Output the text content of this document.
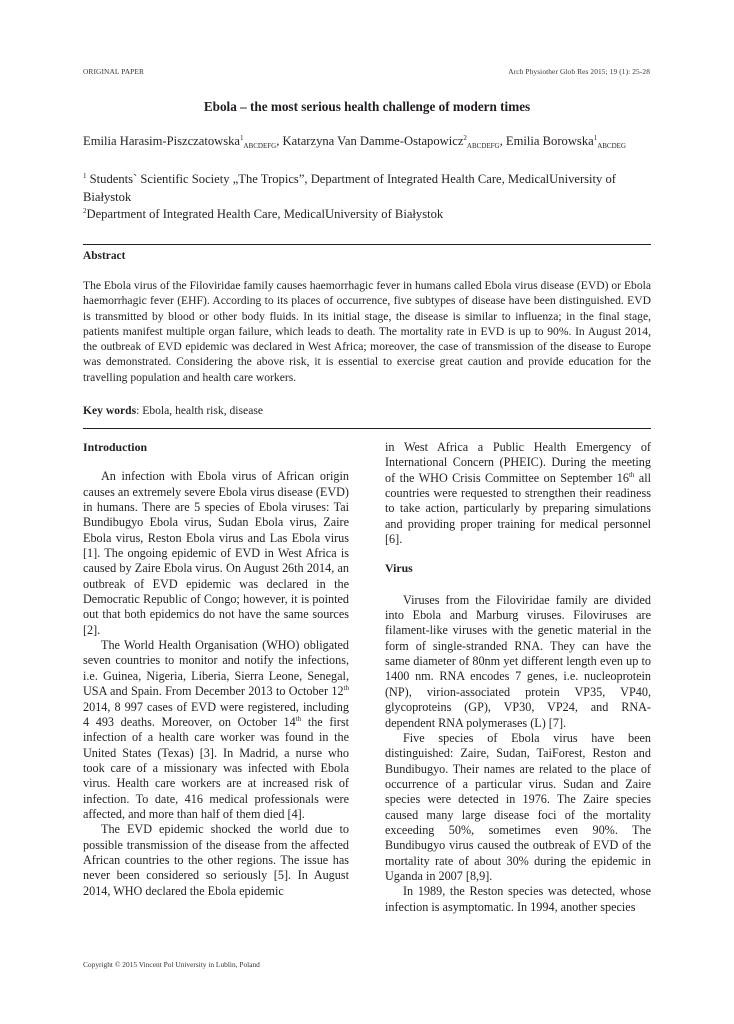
ORIGINAL PAPER	Arch Physiother Glob Res 2015; 19 (1): 25-28
Ebola – the most serious health challenge of modern times
Emilia Harasim-Piszczatowska$^1_{ABCDEFG}$, Katarzyna Van Damme-Ostapowicz$^2_{ABCDEFG}$, Emilia Borowska$^1_{ABCDEG}$
$^1$ Students` Scientific Society „The Tropics”, Department of Integrated Health Care, MedicalUniversity of Białystok
$^2$Department of Integrated Health Care, MedicalUniversity of Białystok
Abstract
The Ebola virus of the Filoviridae family causes haemorrhagic fever in humans called Ebola virus disease (EVD) or Ebola haemorrhagic fever (EHF). According to its places of occurrence, five subtypes of disease have been distinguished. EVD is transmitted by blood or other body fluids. In its initial stage, the disease is similar to influenza; in the final stage, patients manifest multiple organ failure, which leads to death. The mortality rate in EVD is up to 90%. In August 2014, the outbreak of EVD epidemic was declared in West Africa; moreover, the case of transmission of the disease to Europe was demonstrated. Considering the above risk, it is essential to exercise great caution and provide education for the travelling population and health care workers.
Key words: Ebola, health risk, disease
Introduction

An infection with Ebola virus of African origin causes an extremely severe Ebola virus disease (EVD) in humans. There are 5 species of Ebola viruses: Tai Bundibugyo Ebola virus, Sudan Ebola virus, Zaire Ebola virus, Reston Ebola virus and Las Ebola virus [1]. The ongoing epidemic of EVD in West Africa is caused by Zaire Ebola virus. On August 26th 2014, an outbreak of EVD epidemic was declared in the Democratic Republic of Congo; however, it is pointed out that both epidemics do not have the same sources [2].

The World Health Organisation (WHO) obligated seven countries to monitor and notify the infections, i.e. Guinea, Nigeria, Liberia, Sierra Leone, Senegal, USA and Spain. From December 2013 to October 12th 2014, 8 997 cases of EVD were registered, including 4 493 deaths. Moreover, on October 14th the first infection of a health care worker was found in the United States (Texas) [3]. In Madrid, a nurse who took care of a missionary was infected with Ebola virus. Health care workers are at increased risk of infection. To date, 416 medical professionals were affected, and more than half of them died [4].

The EVD epidemic shocked the world due to possible transmission of the disease from the affected African countries to the other regions. The issue has never been considered so seriously [5]. In August 2014, WHO declared the Ebola epidemic

in West Africa a Public Health Emergency of International Concern (PHEIC). During the meeting of the WHO Crisis Committee on September 16th all countries were requested to strengthen their readiness to take action, particularly by preparing simulations and providing proper training for medical personnel [6].

Virus

Viruses from the Filoviridae family are divided into Ebola and Marburg viruses. Filoviruses are filament-like viruses with the genetic material in the form of single-stranded RNA. They can have the same diameter of 80nm yet different length even up to 1400 nm. RNA encodes 7 genes, i.e. nucleoprotein (NP), virion-associated protein VP35, VP40, glycoproteins (GP), VP30, VP24, and RNA-dependent RNA polymerases (L) [7].

Five species of Ebola virus have been distinguished: Zaire, Sudan, TaiForest, Reston and Bundibugyo. Their names are related to the place of occurrence of a particular virus. Sudan and Zaire species were detected in 1976. The Zaire species caused many large disease foci of the mortality exceeding 50%, sometimes even 90%. The Bundibugyo virus caused the outbreak of EVD of the mortality rate of about 30% during the epidemic in Uganda in 2007 [8,9].

In 1989, the Reston species was detected, whose infection is asymptomatic. In 1994, another species

Copyright © 2015 Vincent Pol University in Lublin, Poland
